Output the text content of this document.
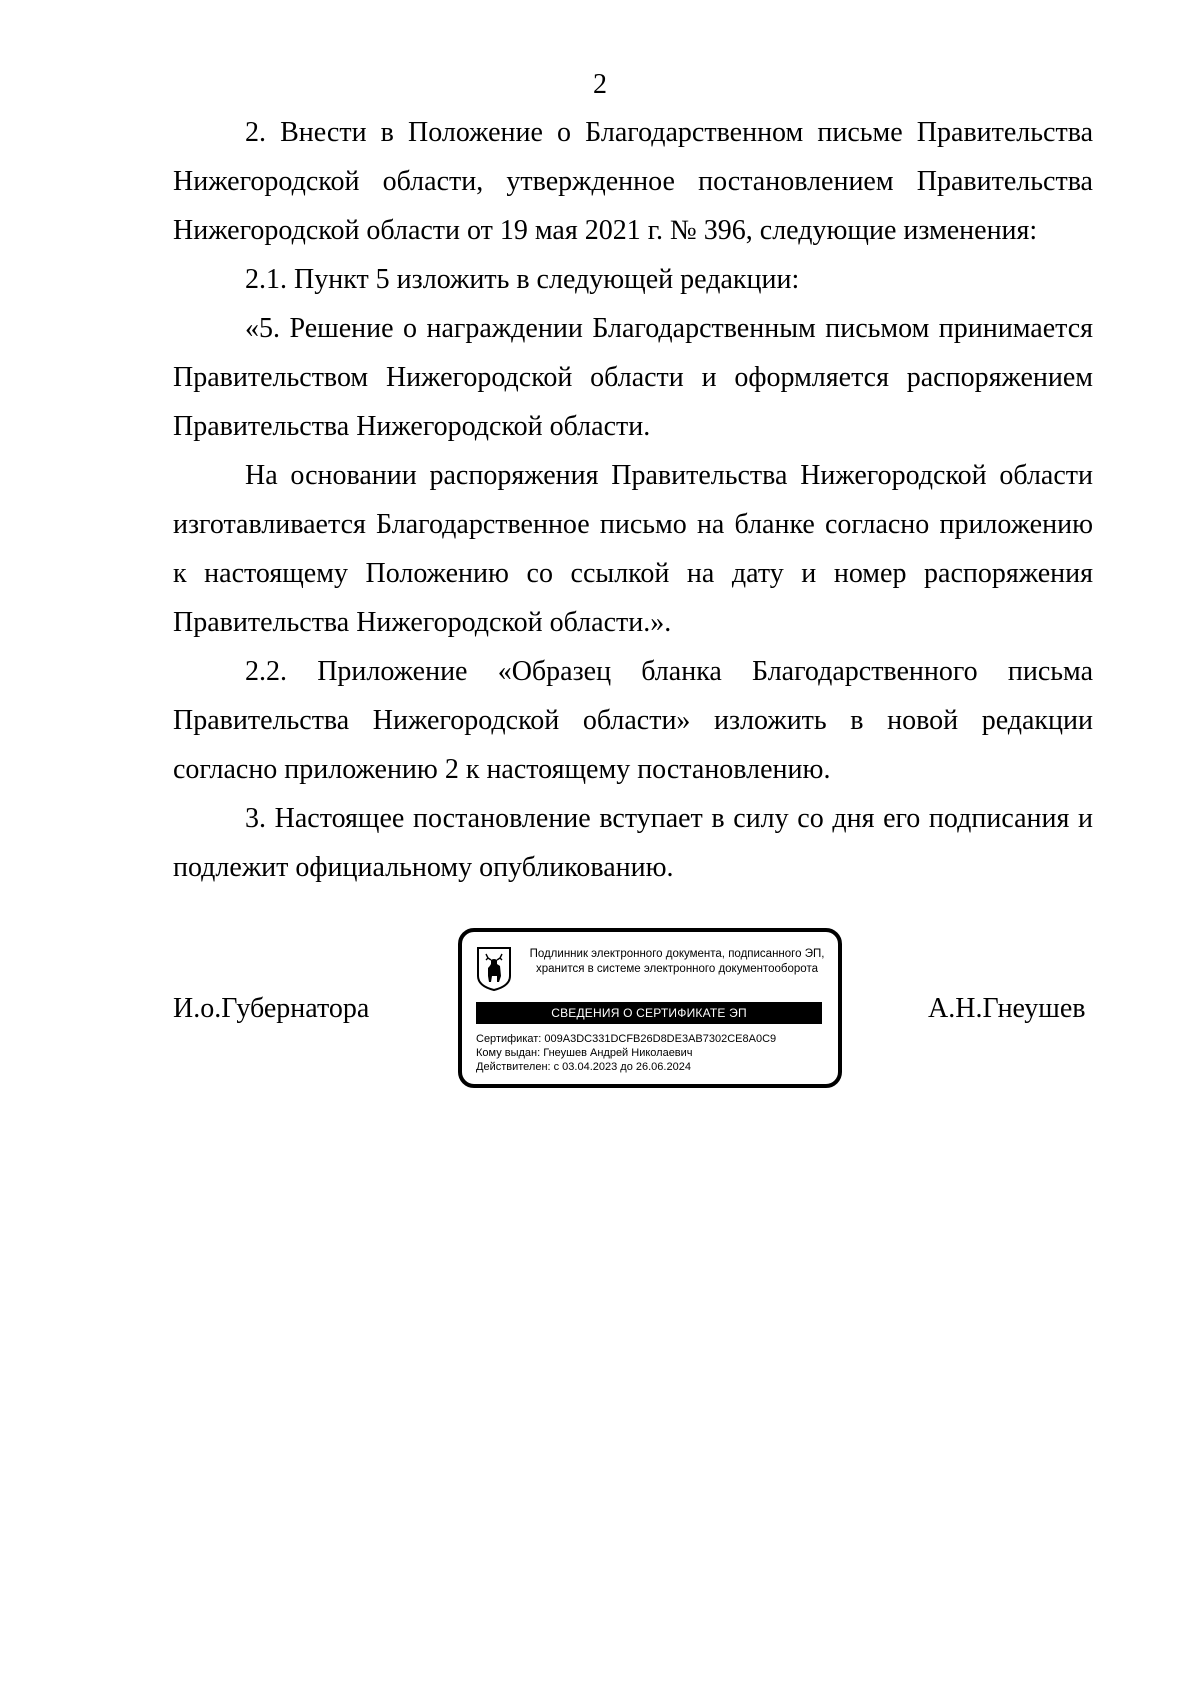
2

2. Внести в Положение о Благодарственном письме Правительства Нижегородской области, утвержденное постановлением Правительства Нижегородской области от 19 мая 2021 г. № 396, следующие изменения:

2.1. Пункт 5 изложить в следующей редакции:

«5. Решение о награждении Благодарственным письмом принимается Правительством Нижегородской области и оформляется распоряжением Правительства Нижегородской области.

На основании распоряжения Правительства Нижегородской области изготавливается Благодарственное письмо на бланке согласно приложению к настоящему Положению со ссылкой на дату и номер распоряжения Правительства Нижегородской области.».

2.2. Приложение «Образец бланка Благодарственного письма Правительства Нижегородской области» изложить в новой редакции согласно приложению 2 к настоящему постановлению.

3. Настоящее постановление вступает в силу со дня его подписания и подлежит официальному опубликованию.

И.о.Губернатора
Подлинник электронного документа, подписанного ЭП,
хранится в системе электронного документооборота
СВЕДЕНИЯ О СЕРТИФИКАТЕ ЭП
Сертификат: 009A3DC331DCFB26D8DE3AB7302CE8A0C9
Кому выдан: Гнеушев Андрей Николаевич
Действителен: с 03.04.2023 до 26.06.2024
А.Н.Гнеушев
